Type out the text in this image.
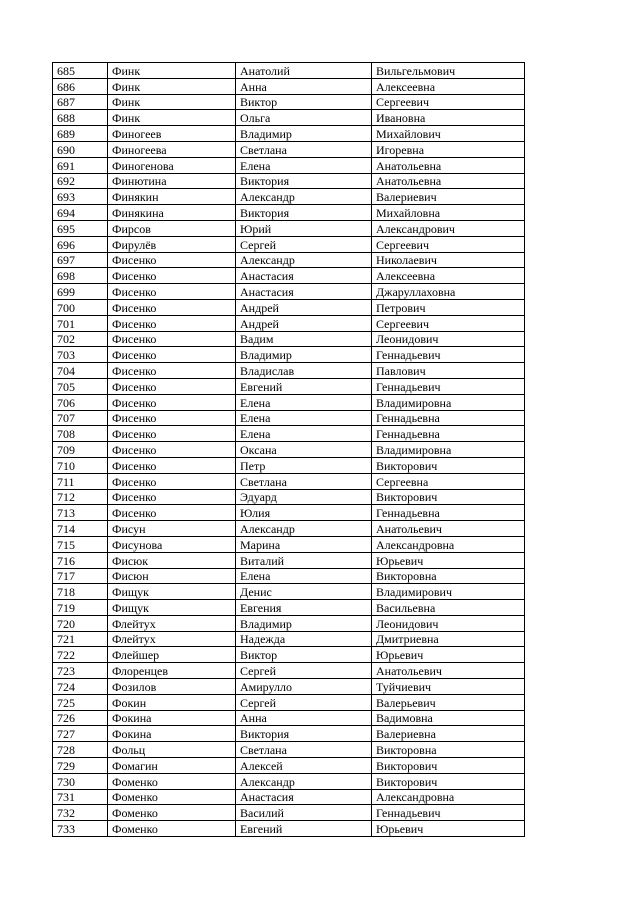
685	Финк	Анатолий	Вильгельмович
686	Финк	Анна	Алексеевна
687	Финк	Виктор	Сергеевич
688	Финк	Ольга	Ивановна
689	Финогеев	Владимир	Михайлович
690	Финогеева	Светлана	Игоревна
691	Финогенова	Елена	Анатольевна
692	Финютина	Виктория	Анатольевна
693	Финякин	Александр	Валериевич
694	Финякина	Виктория	Михайловна
695	Фирсов	Юрий	Александрович
696	Фирулёв	Сергей	Сергеевич
697	Фисенко	Александр	Николаевич
698	Фисенко	Анастасия	Алексеевна
699	Фисенко	Анастасия	Джаруллаховна
700	Фисенко	Андрей	Петрович
701	Фисенко	Андрей	Сергеевич
702	Фисенко	Вадим	Леонидович
703	Фисенко	Владимир	Геннадьевич
704	Фисенко	Владислав	Павлович
705	Фисенко	Евгений	Геннадьевич
706	Фисенко	Елена	Владимировна
707	Фисенко	Елена	Геннадьевна
708	Фисенко	Елена	Геннадьевна
709	Фисенко	Оксана	Владимировна
710	Фисенко	Петр	Викторович
711	Фисенко	Светлана	Сергеевна
712	Фисенко	Эдуард	Викторович
713	Фисенко	Юлия	Геннадьевна
714	Фисун	Александр	Анатольевич
715	Фисунова	Марина	Александровна
716	Фисюк	Виталий	Юрьевич
717	Фисюн	Елена	Викторовна
718	Фищук	Денис	Владимирович
719	Фищук	Евгения	Васильевна
720	Флейтух	Владимир	Леонидович
721	Флейтух	Надежда	Дмитриевна
722	Флейшер	Виктор	Юрьевич
723	Флоренцев	Сергей	Анатольевич
724	Фозилов	Амирулло	Туйчиевич
725	Фокин	Сергей	Валерьевич
726	Фокина	Анна	Вадимовна
727	Фокина	Виктория	Валериевна
728	Фольц	Светлана	Викторовна
729	Фомагин	Алексей	Викторович
730	Фоменко	Александр	Викторович
731	Фоменко	Анастасия	Александровна
732	Фоменко	Василий	Геннадьевич
733	Фоменко	Евгений	Юрьевич
